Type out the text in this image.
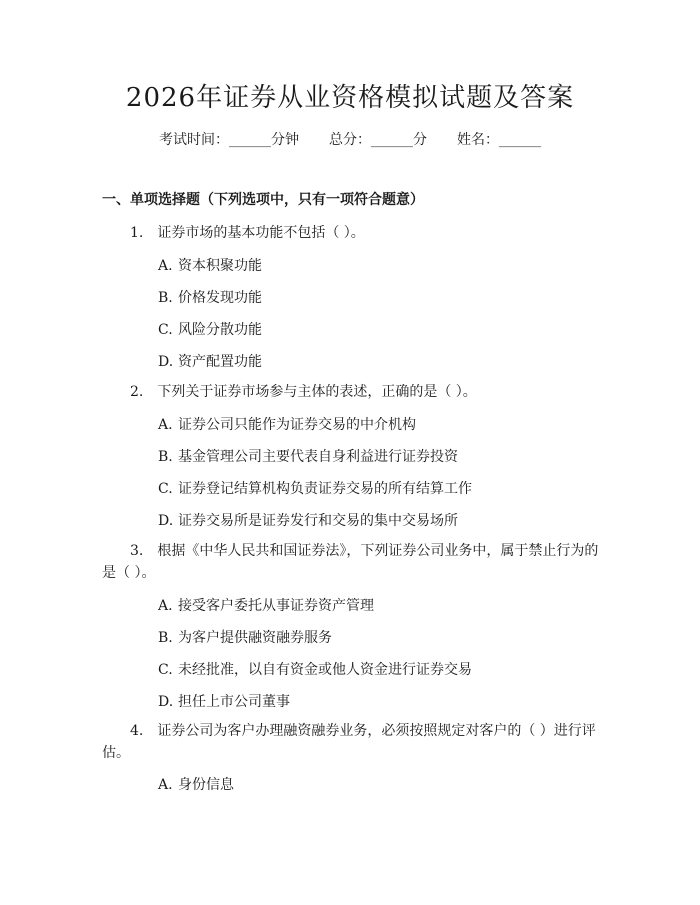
2026年证券从业资格模拟试题及答案
考试时间：______分钟 总分：______分 姓名：______
一、单项选择题（下列选项中，只有一项符合题意）
1.　证券市场的基本功能不包括（ ）。
A. 资本积聚功能
B. 价格发现功能
C. 风险分散功能
D. 资产配置功能
2.　下列关于证券市场参与主体的表述，正确的是（ ）。
A. 证券公司只能作为证券交易的中介机构
B. 基金管理公司主要代表自身利益进行证券投资
C. 证券登记结算机构负责证券交易的所有结算工作
D. 证券交易所是证券发行和交易的集中交易场所
3.　根据《中华人民共和国证券法》，下列证券公司业务中，属于禁止行为的是（ ）。
A. 接受客户委托从事证券资产管理
B. 为客户提供融资融券服务
C. 未经批准，以自有资金或他人资金进行证券交易
D. 担任上市公司董事
4.　证券公司为客户办理融资融券业务，必须按照规定对客户的（ ）进行评估。
A. 身份信息
